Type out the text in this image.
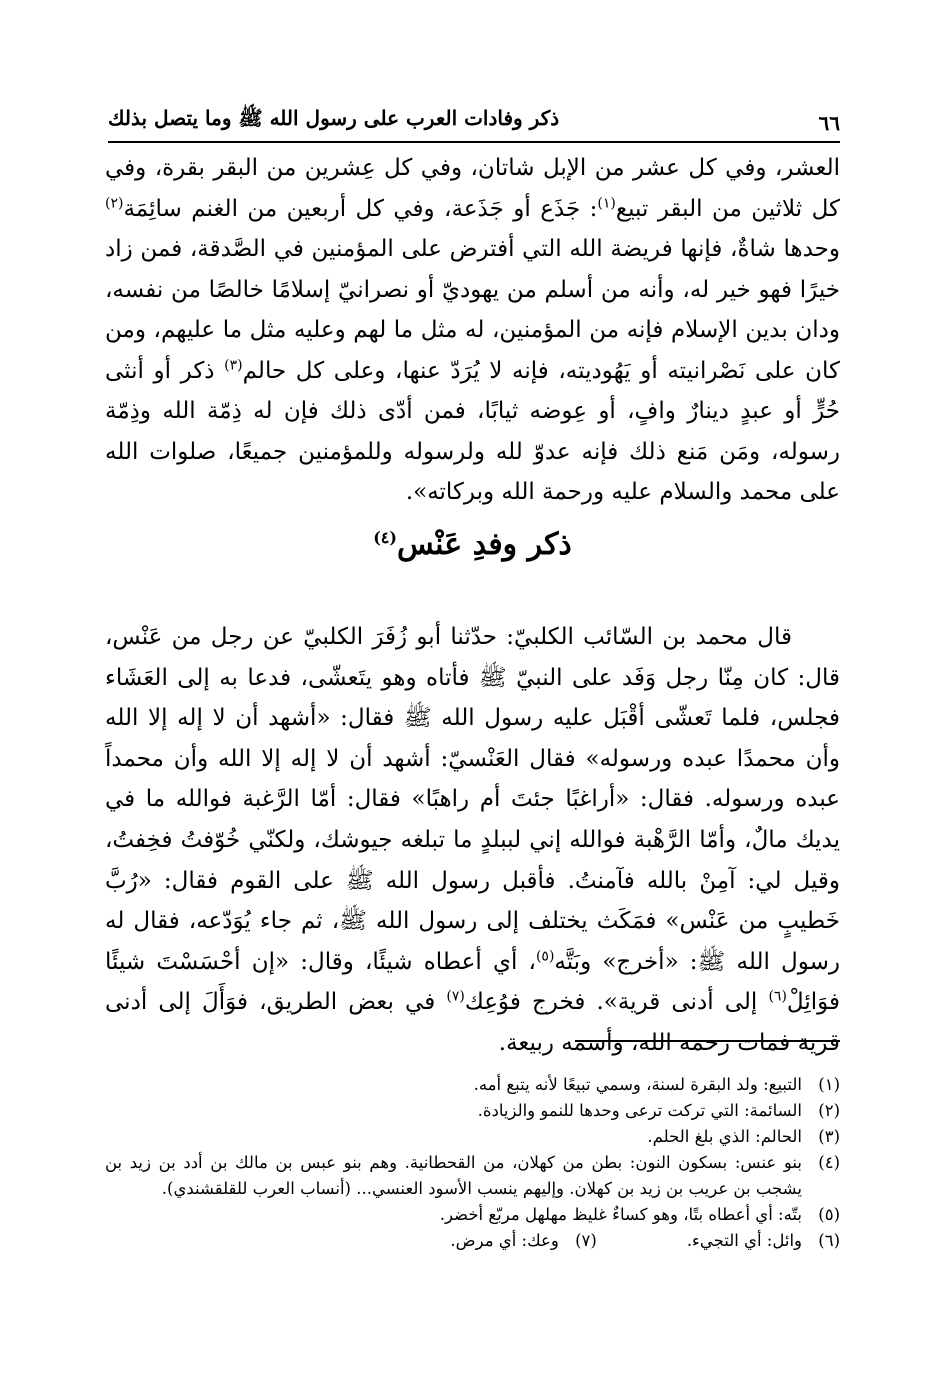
٦٦
ذكر وفادات العرب على رسول الله ﷺ وما يتصل بذلك

العشر، وفي كل عشر من الإبل شاتان، وفي كل عِشرين من البقر بقرة، وفي كل ثلاثين من البقر تبيع$^{(١)}$: جَذَع أو جَذَعة، وفي كل أربعين من الغنم سائِمَة$^{(٢)}$ وحدها شاةٌ، فإنها فريضة الله التي أفترض على المؤمنين في الصَّدقة، فمن زاد خيرًا فهو خير له، وأنه من أسلم من يهوديّ أو نصرانيّ إسلامًا خالصًا من نفسه، ودان بدين الإسلام فإنه من المؤمنين، له مثل ما لهم وعليه مثل ما عليهم، ومن كان على نَصْرانيته أو يَهُوديته، فإنه لا يُرَدّ عنها، وعلى كل حالم$^{(٣)}$ ذكر أو أنثى حُرٍّ أو عبدٍ دينارٌ وافٍ، أو عِوضه ثيابًا، فمن أدّى ذلك فإن له ذِمّة الله وذِمّة رسوله، ومَن مَنع ذلك فإنه عدوّ لله ولرسوله وللمؤمنين جميعًا، صلوات الله على محمد والسلام عليه ورحمة الله وبركاته».

ذكر وفدِ عَنْس$^{(٤)}$

قال محمد بن السّائب الكلبيّ: حدّثنا أبو زُفَرَ الكلبيّ عن رجل من عَنْس، قال: كان مِنّا رجل وَفَد على النبيّ ﷺ فأتاه وهو يتَعشّى، فدعا به إلى العَشَاء فجلس، فلما تَعشّى أقْبَل عليه رسول الله ﷺ فقال: «أشهد أن لا إله إلا الله وأن محمدًا عبده ورسوله» فقال العَنْسيّ: أشهد أن لا إله إلا الله وأن محمداً عبده ورسوله. فقال: «أراغبًا جئتَ أم راهبًا» فقال: أمّا الرَّغبة فوالله ما في يديك مالٌ، وأمّا الرَّهْبة فوالله إني لببلدٍ ما تبلغه جيوشك، ولكنّي خُوّفتُ فخِفتُ، وقيل لي: آمِنْ بالله فآمنتُ. فأقبل رسول الله ﷺ على القوم فقال: «رُبَّ خَطيبٍ من عَنْس» فمَكَث يختلف إلى رسول الله ﷺ، ثم جاء يُوَدّعه، فقال له رسول الله ﷺ: «أخرج» وبَتَّه$^{(٥)}$، أي أعطاه شيئًا، وقال: «إن أحْسَسْتَ شيئًا فوَائِلْ$^{(٦)}$ إلى أدنى قرية». فخرج فوُعِك$^{(٧)}$ في بعض الطريق، فوَأَلَ إلى أدنى قرية فمات رحمه الله، وأسمه ربيعة.

(١)
التبيع: ولد البقرة لسنة، وسمي تبيعًا لأنه يتبع أمه.
(٢)
السائمة: التي تركت ترعى وحدها للنمو والزيادة.
(٣)
الحالم: الذي بلغ الحلم.
(٤)
بنو عنس: بسكون النون: بطن من كهلان، من القحطانية. وهم بنو عبس بن مالك بن أدد بن زيد بن يشجب بن عريب بن زيد بن كهلان. وإليهم ينسب الأسود العنسي... (أنساب العرب للقلقشندي).
(٥)
بتّه: أي أعطاه بتًا، وهو كساءٌ غليظ مهلهل مربّع أخضر.
(٦)
وائل: أي التجيء.
(٧)
وعك: أي مرض.
